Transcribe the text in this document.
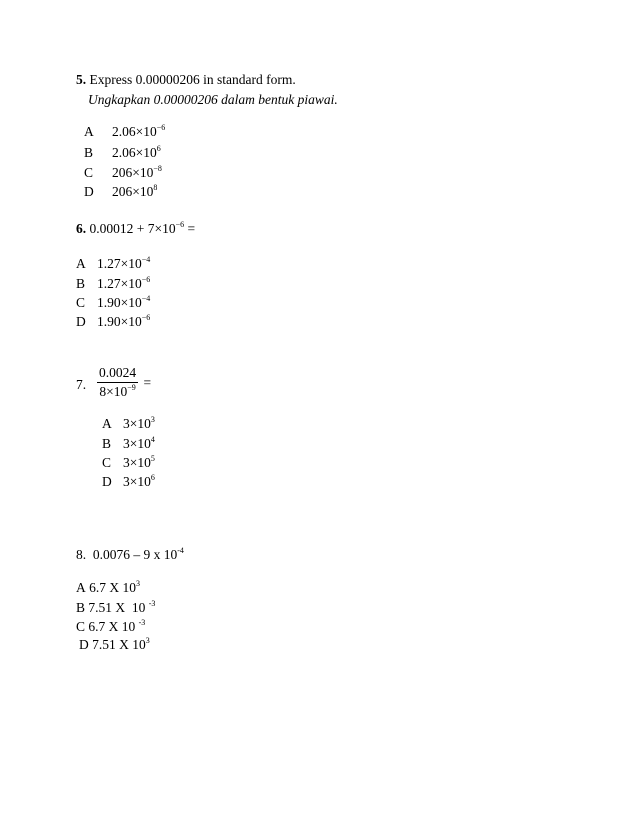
5. Express 0.00000206 in standard form.
Ungkapkan 0.00000206 dalam bentuk piawai.
A $2.06\times 10^{-6}$
B $2.06\times 10^6$
C $206\times 10^{-8}$
D $206\times 10^8$
6. $0.00012 + 7\times 10^{-6}$ =
A $1.27\times 10^{-4}$
B $1.27\times 10^{-6}$
C $1.90\times 10^{-4}$
D $1.90\times 10^{-6}$
7. $\frac{0.0024}{8\times 10^{-9}}$ =
A $3\times 10^3$
B $3\times 10^4$
C $3\times 10^5$
D $3\times 10^6$
8. 0.0076 – 9 x $10^{-4}$
A 6.7 X $10^3$
B 7.51 X  10 $^{-3}$
C 6.7 X 10 $^{-3}$
D 7.51 X $10^3$
